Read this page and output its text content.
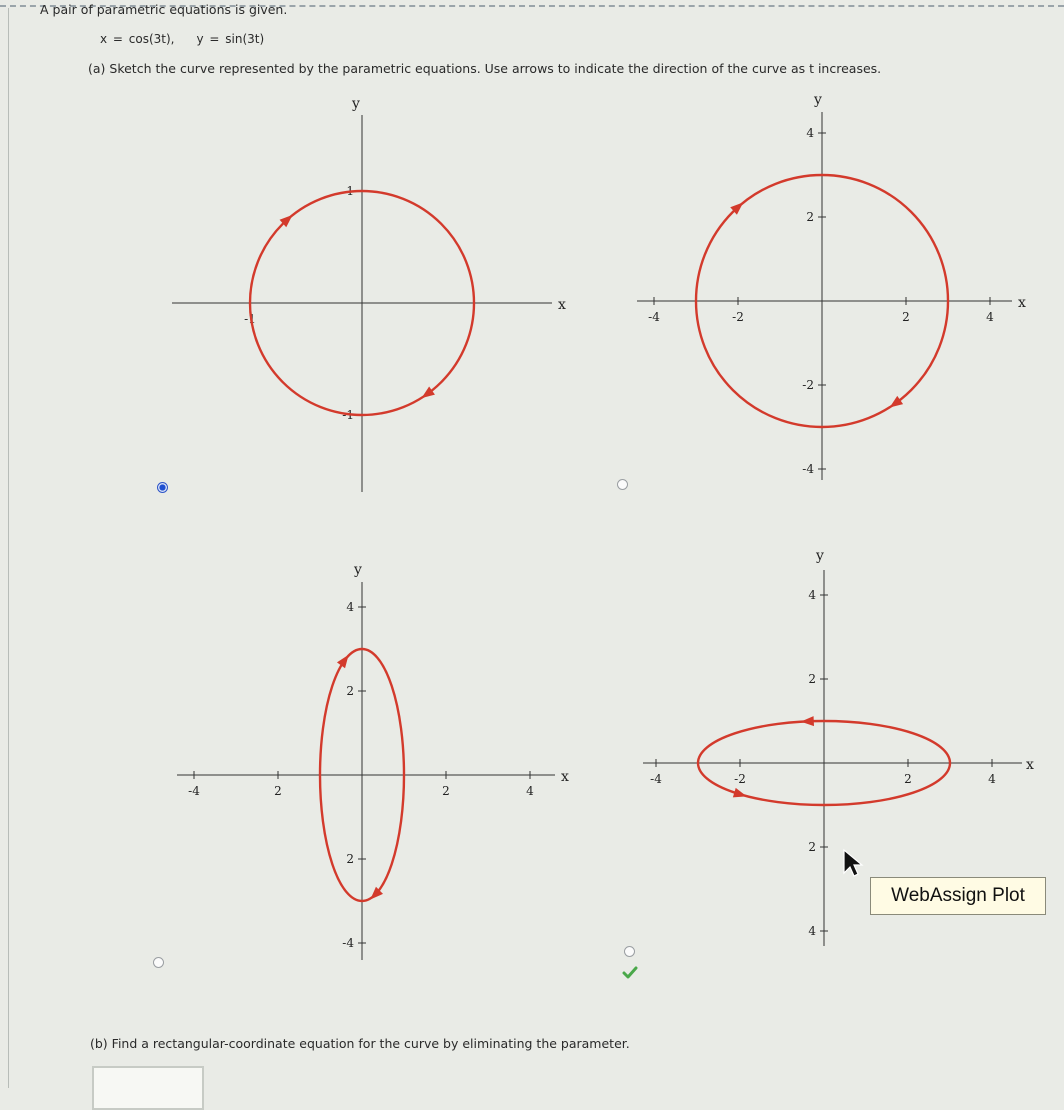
A pair of parametric equations is given.
x = cos(3t), y = sin(3t)
(a) Sketch the curve represented by the parametric equations. Use arrows to indicate the direction of the curve as t increases.
x
y
-1
1
-1
x
y
-4	-2	2	4
4
2
-2
-4
x
y
-4	2	2	4
4
2
2
-4
x
y
-4	-2	2	4
4
2
2
4
WebAssign Plot
(b) Find a rectangular-coordinate equation for the curve by eliminating the parameter.
